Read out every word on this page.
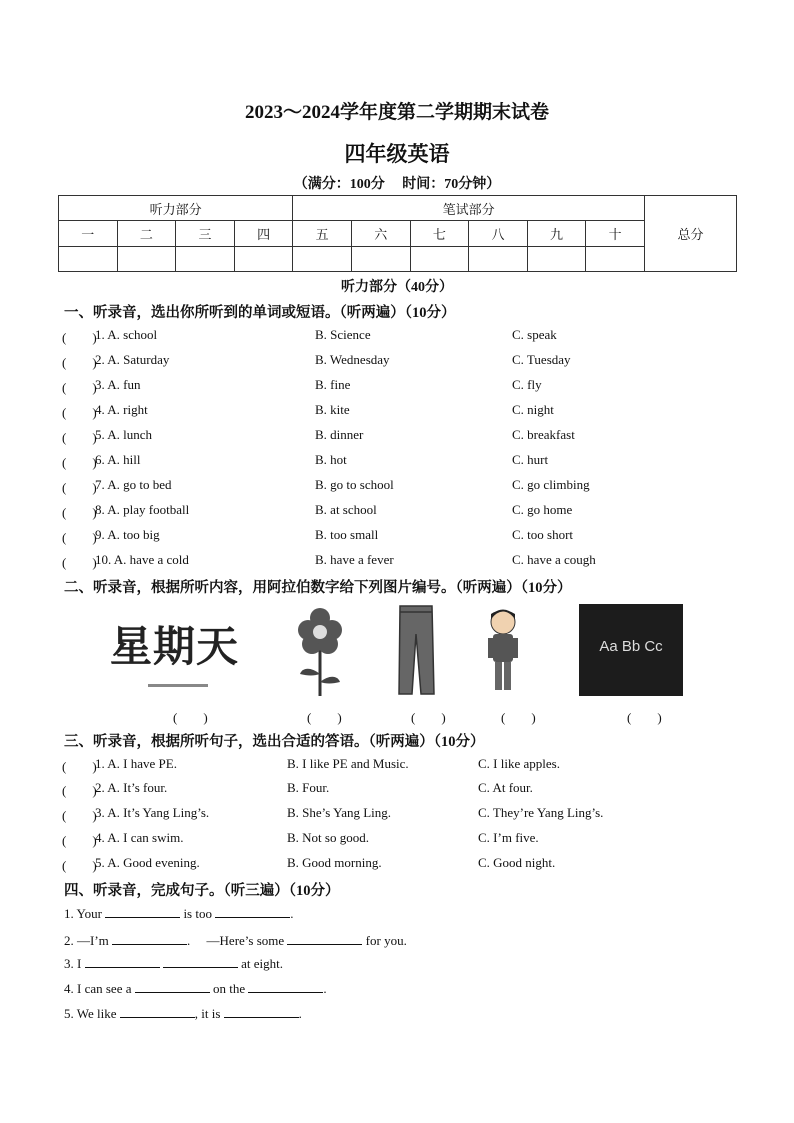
2023～2024学年度第二学期期末试卷
四年级英语
（满分：100分　 时间：70分钟）
听力部分				笔试部分						总分
一	二	三	四	五	六	七	八	九	十	

听力部分（40分）
一、听录音，选出你所听到的单词或短语。（听两遍）（10分）
(　　)
1. A. school	B. Science	C. speak
(　　)
2. A. Saturday	B. Wednesday	C. Tuesday
(　　)
3. A. fun	B. fine	C. fly
(　　)
4. A. right	B. kite	C. night
(　　)
5. A. lunch	B. dinner	C. breakfast
(　　)
6. A. hill	B. hot	C. hurt
(　　)
7. A. go to bed	B. go to school	C. go climbing
(　　)
8. A. play football	B. at school	C. go home
(　　)
9. A. too big	B. too small	C. too short
(　　)
10. A. have a cold	B. have a fever	C. have a cough
二、听录音，根据所听内容，用阿拉伯数字给下列图片编号。（听两遍）（10分）
星期天	Aa Bb Cc
(　　)	(　　)	(　　)	(　　)	(　　)
三、听录音，根据所听句子，选出合适的答语。（听两遍）（10分）
(　　)
1. A. I have PE.	B. I like PE and Music.	C. I like apples.
(　　)
2. A. It’s four.	B. Four.	C. At four.
(　　)
3. A. It’s Yang Ling’s.	B. She’s Yang Ling.	C. They’re Yang Ling’s.
(　　)
4. A. I can swim.	B. Not so good.	C. I’m five.
(　　)
5. A. Good evening.	B. Good morning.	C. Good night.
四、听录音，完成句子。（听三遍）（10分）
1. Your	is too	.
2. —I’m	.　 —Here’s some	for you.
3. I	at eight.
4. I can see a	on the	.
5. We like	, it is	.
